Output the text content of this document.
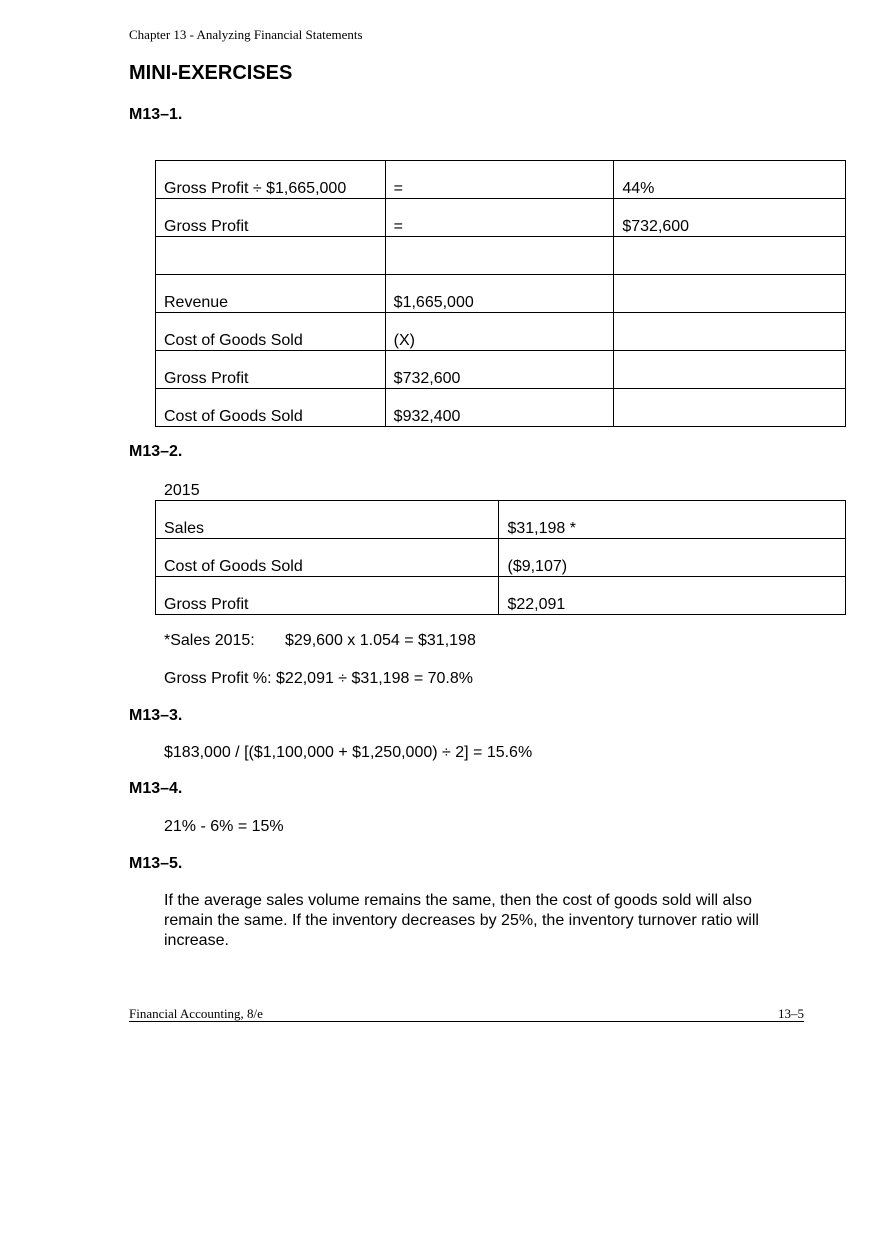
Chapter 13 - Analyzing Financial Statements
MINI-EXERCISES
M13–1.
Gross Profit ÷ $1,665,000	=	44%
Gross Profit	=	$732,600

Revenue	$1,665,000	
Cost of Goods Sold	(X)	
Gross Profit	$732,600	
Cost of Goods Sold	$932,400	
M13–2.
2015
Sales	$31,198 *
Cost of Goods Sold	($9,107)
Gross Profit	$22,091
*Sales 2015: $29,600 x 1.054 = $31,198
Gross Profit %: $22,091 ÷ $31,198 = 70.8%
M13–3.
$183,000 / [($1,100,000 + $1,250,000) ÷ 2] = 15.6%
M13–4.
21% - 6% = 15%
M13–5.
If the average sales volume remains the same, then the cost of goods sold will also remain the same. If the inventory decreases by 25%, the inventory turnover ratio will increase.
Financial Accounting, 8/e	13–5
